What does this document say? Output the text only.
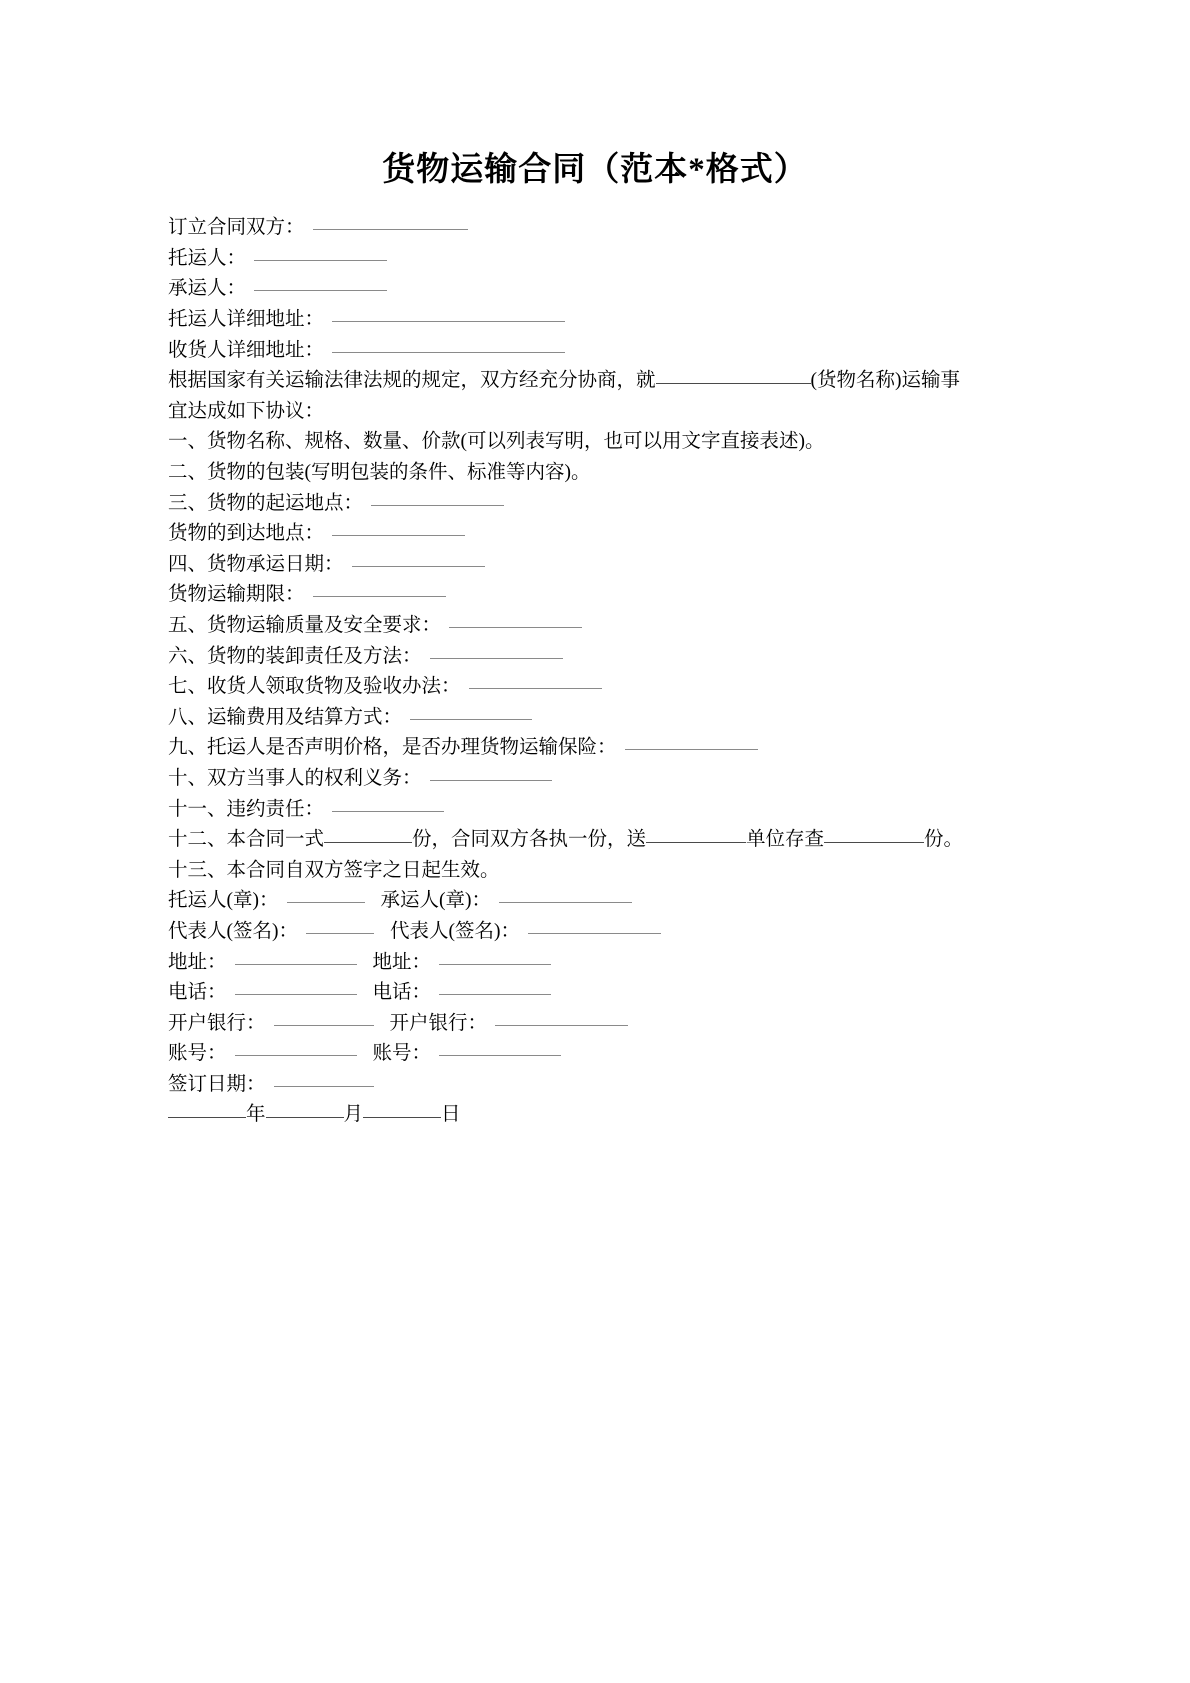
货物运输合同（范本*格式）
订立合同双方：
托运人：
承运人：
托运人详细地址：
收货人详细地址：
根据国家有关运输法律法规的规定，双方经充分协商，就	(货物名称)运输事
宜达成如下协议：
一、货物名称、规格、数量、价款(可以列表写明，也可以用文字直接表述)。
二、货物的包装(写明包装的条件、标准等内容)。
三、货物的起运地点：
货物的到达地点：
四、货物承运日期：
货物运输期限：
五、货物运输质量及安全要求：
六、货物的装卸责任及方法：
七、收货人领取货物及验收办法：
八、运输费用及结算方式：
九、托运人是否声明价格，是否办理货物运输保险：
十、双方当事人的权利义务：
十一、违约责任：
十二、本合同一式	份，合同双方各执一份，送	单位存查	份。
十三、本合同自双方签字之日起生效。
托运人(章)：	承运人(章)：
代表人(签名)：	代表人(签名)：
地址：	地址：
电话：	电话：
开户银行：	开户银行：
账号：	账号：
签订日期：
年	月	日
